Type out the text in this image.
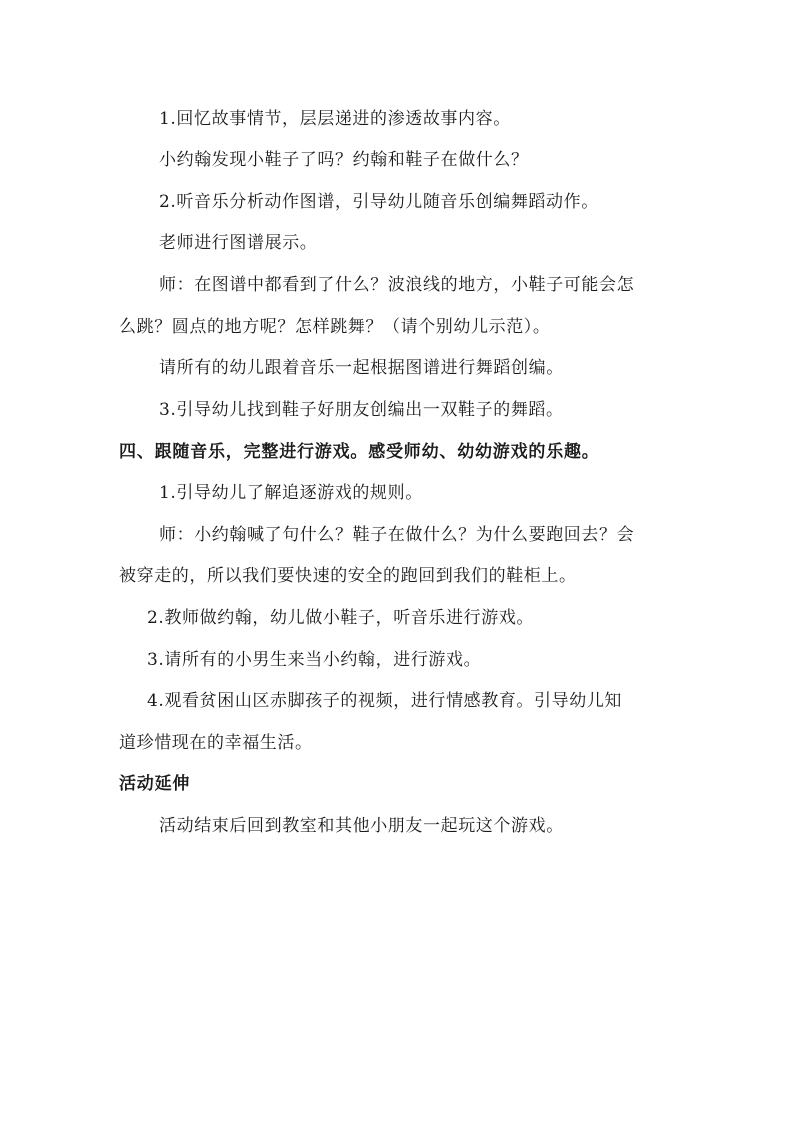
1.回忆故事情节，层层递进的渗透故事内容。
小约翰发现小鞋子了吗？约翰和鞋子在做什么？
2.听音乐分析动作图谱，引导幼儿随音乐创编舞蹈动作。
老师进行图谱展示。
师：在图谱中都看到了什么？波浪线的地方，小鞋子可能会怎
么跳？圆点的地方呢？怎样跳舞？（请个别幼儿示范）。
请所有的幼儿跟着音乐一起根据图谱进行舞蹈创编。
3.引导幼儿找到鞋子好朋友创编出一双鞋子的舞蹈。
四、跟随音乐，完整进行游戏。感受师幼、幼幼游戏的乐趣。
1.引导幼儿了解追逐游戏的规则。
师：小约翰喊了句什么？鞋子在做什么？为什么要跑回去？会
被穿走的，所以我们要快速的安全的跑回到我们的鞋柜上。
2.教师做约翰，幼儿做小鞋子，听音乐进行游戏。
3.请所有的小男生来当小约翰，进行游戏。
4.观看贫困山区赤脚孩子的视频，进行情感教育。引导幼儿知
道珍惜现在的幸福生活。
活动延伸
活动结束后回到教室和其他小朋友一起玩这个游戏。
